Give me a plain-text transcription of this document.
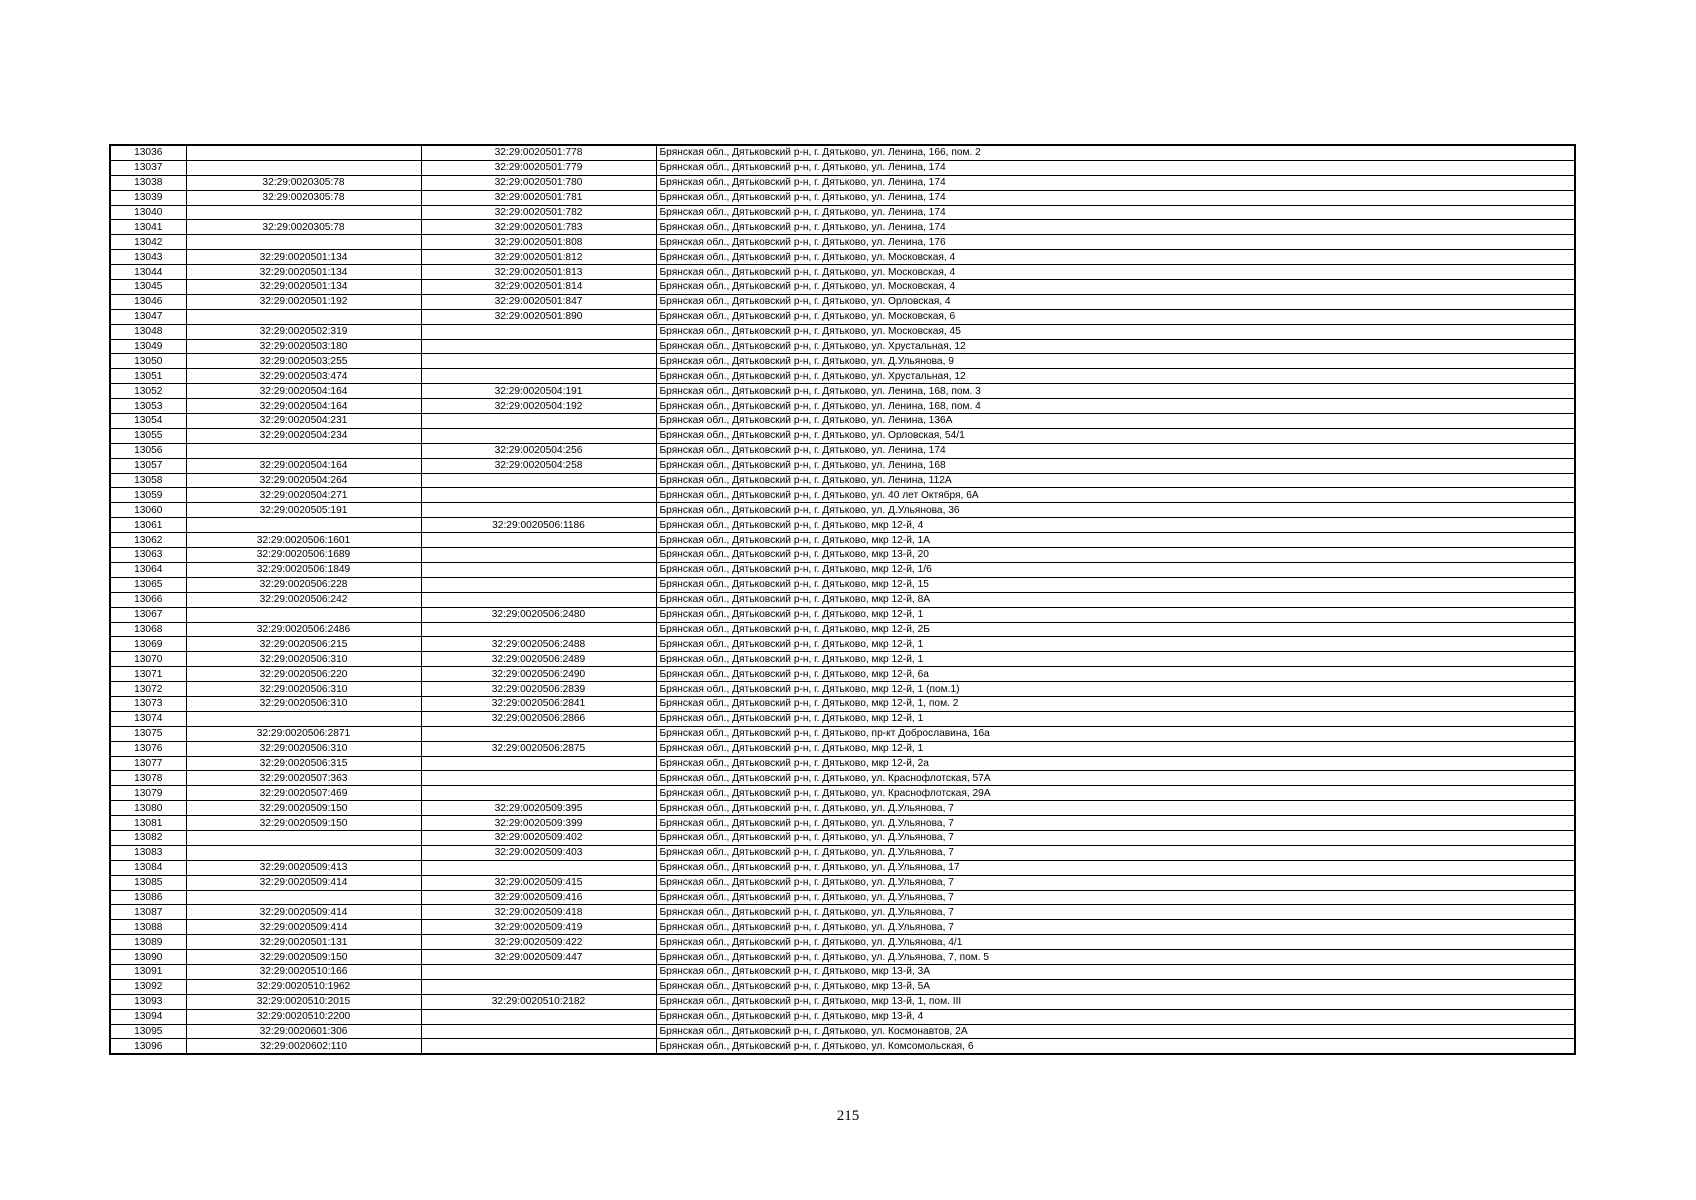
13036		32:29:0020501:778	Брянская обл., Дятьковский р-н, г. Дятьково, ул. Ленина, 166, пом. 2
13037		32:29:0020501:779	Брянская обл., Дятьковский р-н, г. Дятьково, ул. Ленина, 174
13038	32:29:0020305:78	32:29:0020501:780	Брянская обл., Дятьковский р-н, г. Дятьково, ул. Ленина, 174
13039	32:29:0020305:78	32:29:0020501:781	Брянская обл., Дятьковский р-н, г. Дятьково, ул. Ленина, 174
13040		32:29:0020501:782	Брянская обл., Дятьковский р-н, г. Дятьково, ул. Ленина, 174
13041	32:29:0020305:78	32:29:0020501:783	Брянская обл., Дятьковский р-н, г. Дятьково, ул. Ленина, 174
13042		32:29:0020501:808	Брянская обл., Дятьковский р-н, г. Дятьково, ул. Ленина, 176
13043	32:29:0020501:134	32:29:0020501:812	Брянская обл., Дятьковский р-н, г. Дятьково, ул. Московская, 4
13044	32:29:0020501:134	32:29:0020501:813	Брянская обл., Дятьковский р-н, г. Дятьково, ул. Московская, 4
13045	32:29:0020501:134	32:29:0020501:814	Брянская обл., Дятьковский р-н, г. Дятьково, ул. Московская, 4
13046	32:29:0020501:192	32:29:0020501:847	Брянская обл., Дятьковский р-н, г. Дятьково, ул. Орловская, 4
13047		32:29:0020501:890	Брянская обл., Дятьковский р-н, г. Дятьково, ул. Московская, 6
13048	32:29:0020502:319		Брянская обл., Дятьковский р-н, г. Дятьково, ул. Московская, 45
13049	32:29:0020503:180		Брянская обл., Дятьковский р-н, г. Дятьково, ул. Хрустальная, 12
13050	32:29:0020503:255		Брянская обл., Дятьковский р-н, г. Дятьково, ул. Д.Ульянова, 9
13051	32:29:0020503:474		Брянская обл., Дятьковский р-н, г. Дятьково, ул. Хрустальная, 12
13052	32:29:0020504:164	32:29:0020504:191	Брянская обл., Дятьковский р-н, г. Дятьково, ул. Ленина, 168, пом. 3
13053	32:29:0020504:164	32:29:0020504:192	Брянская обл., Дятьковский р-н, г. Дятьково, ул. Ленина, 168, пом. 4
13054	32:29:0020504:231		Брянская обл., Дятьковский р-н, г. Дятьково, ул. Ленина, 136А
13055	32:29:0020504:234		Брянская обл., Дятьковский р-н, г. Дятьково, ул. Орловская, 54/1
13056		32:29:0020504:256	Брянская обл., Дятьковский р-н, г. Дятьково, ул. Ленина, 174
13057	32:29:0020504:164	32:29:0020504:258	Брянская обл., Дятьковский р-н, г. Дятьково, ул. Ленина, 168
13058	32:29:0020504:264		Брянская обл., Дятьковский р-н, г. Дятьково, ул. Ленина, 112А
13059	32:29:0020504:271		Брянская обл., Дятьковский р-н, г. Дятьково, ул. 40 лет Октября, 6А
13060	32:29:0020505:191		Брянская обл., Дятьковский р-н, г. Дятьково, ул. Д.Ульянова, 36
13061		32:29:0020506:1186	Брянская обл., Дятьковский р-н, г. Дятьково, мкр 12-й, 4
13062	32:29:0020506:1601		Брянская обл., Дятьковский р-н, г. Дятьково, мкр 12-й, 1А
13063	32:29:0020506:1689		Брянская обл., Дятьковский р-н, г. Дятьково, мкр 13-й, 20
13064	32:29:0020506:1849		Брянская обл., Дятьковский р-н, г. Дятьково, мкр 12-й, 1/6
13065	32:29:0020506:228		Брянская обл., Дятьковский р-н, г. Дятьково, мкр 12-й, 15
13066	32:29:0020506:242		Брянская обл., Дятьковский р-н, г. Дятьково, мкр 12-й, 8А
13067		32:29:0020506:2480	Брянская обл., Дятьковский р-н, г. Дятьково, мкр 12-й, 1
13068	32:29:0020506:2486		Брянская обл., Дятьковский р-н, г. Дятьково, мкр 12-й, 2Б
13069	32:29:0020506:215	32:29:0020506:2488	Брянская обл., Дятьковский р-н, г. Дятьково, мкр 12-й, 1
13070	32:29:0020506:310	32:29:0020506:2489	Брянская обл., Дятьковский р-н, г. Дятьково, мкр 12-й, 1
13071	32:29:0020506:220	32:29:0020506:2490	Брянская обл., Дятьковский р-н, г. Дятьково, мкр 12-й, 6а
13072	32:29:0020506:310	32:29:0020506:2839	Брянская обл., Дятьковский р-н, г. Дятьково, мкр 12-й, 1 (пом.1)
13073	32:29:0020506:310	32:29:0020506:2841	Брянская обл., Дятьковский р-н, г. Дятьково, мкр 12-й, 1, пом. 2
13074		32:29:0020506:2866	Брянская обл., Дятьковский р-н, г. Дятьково, мкр 12-й, 1
13075	32:29:0020506:2871		Брянская обл., Дятьковский р-н, г. Дятьково, пр-кт Доброславина, 16а
13076	32:29:0020506:310	32:29:0020506:2875	Брянская обл., Дятьковский р-н, г. Дятьково, мкр 12-й, 1
13077	32:29:0020506:315		Брянская обл., Дятьковский р-н, г. Дятьково, мкр 12-й, 2а
13078	32:29:0020507:363		Брянская обл., Дятьковский р-н, г. Дятьково, ул. Краснофлотская, 57А
13079	32:29:0020507:469		Брянская обл., Дятьковский р-н, г. Дятьково, ул. Краснофлотская, 29А
13080	32:29:0020509:150	32:29:0020509:395	Брянская обл., Дятьковский р-н, г. Дятьково, ул. Д.Ульянова, 7
13081	32:29:0020509:150	32:29:0020509:399	Брянская обл., Дятьковский р-н, г. Дятьково, ул. Д.Ульянова, 7
13082		32:29:0020509:402	Брянская обл., Дятьковский р-н, г. Дятьково, ул. Д.Ульянова, 7
13083		32:29:0020509:403	Брянская обл., Дятьковский р-н, г. Дятьково, ул. Д.Ульянова, 7
13084	32:29:0020509:413		Брянская обл., Дятьковский р-н, г. Дятьково, ул. Д.Ульянова, 17
13085	32:29:0020509:414	32:29:0020509:415	Брянская обл., Дятьковский р-н, г. Дятьково, ул. Д.Ульянова, 7
13086		32:29:0020509:416	Брянская обл., Дятьковский р-н, г. Дятьково, ул. Д.Ульянова, 7
13087	32:29:0020509:414	32:29:0020509:418	Брянская обл., Дятьковский р-н, г. Дятьково, ул. Д.Ульянова, 7
13088	32:29:0020509:414	32:29:0020509:419	Брянская обл., Дятьковский р-н, г. Дятьково, ул. Д.Ульянова, 7
13089	32:29:0020501:131	32:29:0020509:422	Брянская обл., Дятьковский р-н, г. Дятьково, ул. Д.Ульянова, 4/1
13090	32:29:0020509:150	32:29:0020509:447	Брянская обл., Дятьковский р-н, г. Дятьково, ул. Д.Ульянова, 7, пом. 5
13091	32:29:0020510:166		Брянская обл., Дятьковский р-н, г. Дятьково, мкр 13-й, 3А
13092	32:29:0020510:1962		Брянская обл., Дятьковский р-н, г. Дятьково, мкр 13-й, 5А
13093	32:29:0020510:2015	32:29:0020510:2182	Брянская обл., Дятьковский р-н, г. Дятьково, мкр 13-й, 1, пом. III
13094	32:29:0020510:2200		Брянская обл., Дятьковский р-н, г. Дятьково, мкр 13-й, 4
13095	32:29:0020601:306		Брянская обл., Дятьковский р-н, г. Дятьково, ул. Космонавтов, 2А
13096	32:29:0020602:110		Брянская обл., Дятьковский р-н, г. Дятьково, ул. Комсомольская, 6
215
